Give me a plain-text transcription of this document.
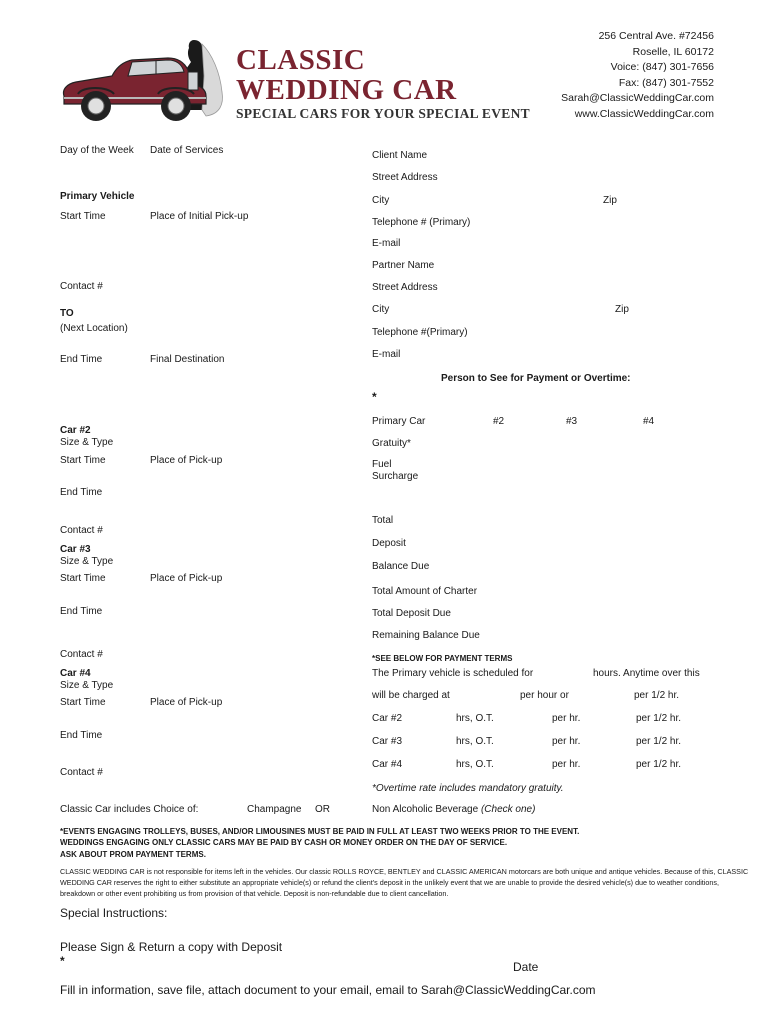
CLASSIC
WEDDING CAR
SPECIAL CARS FOR YOUR SPECIAL EVENT
256 Central Ave. #72456
Roselle, IL 60172
Voice: (847) 301-7656
Fax: (847) 301-7552
Sarah@ClassicWeddingCar.com
www.ClassicWeddingCar.com
Day of the Week Date of Services
Primary Vehicle
Start Time	Place of Initial Pick-up
Contact #
TO
(Next Location)
End Time	Final Destination
Car #2
Size & Type
Start Time	Place of Pick-up
End Time
Contact #
Car #3
Size & Type
Start Time	Place of Pick-up
End Time
Contact #
Car #4
Size & Type
Start Time	Place of Pick-up
End Time
Contact #
Client Name
Street Address
City	Zip
Telephone # (Primary)
E-mail
Partner Name
Street Address
City	Zip
Telephone #(Primary)
E-mail
Person to See for Payment or Overtime:
*
Primary Car	#2	#3	#4
Gratuity*
Fuel
Surcharge
Total
Deposit
Balance Due
Total Amount of Charter
Total Deposit Due
Remaining Balance Due
*SEE BELOW FOR PAYMENT TERMS
The Primary vehicle is scheduled for	hours. Anytime over this
will be charged at	per hour or	per 1/2 hr.
Car #2	hrs, O.T.	per hr.	per 1/2 hr.
Car #3	hrs, O.T.	per hr.	per 1/2 hr.
Car #4	hrs, O.T.	per hr.	per 1/2 hr.
*Overtime rate includes mandatory gratuity.
Classic Car includes Choice of:	Champagne OR	Non Alcoholic Beverage (Check one)
*EVENTS ENGAGING TROLLEYS, BUSES, AND/OR LIMOUSINES MUST BE PAID IN FULL AT LEAST TWO WEEKS PRIOR TO THE EVENT.
WEDDINGS ENGAGING ONLY CLASSIC CARS MAY BE PAID BY CASH OR MONEY ORDER ON THE DAY OF SERVICE.
ASK ABOUT PROM PAYMENT TERMS.
CLASSIC WEDDING CAR is not responsible for items left in the vehicles. Our classic ROLLS ROYCE, BENTLEY and CLASSIC AMERICAN motorcars are both unique and antique vehicles. Because of this, CLASSIC WEDDING CAR reserves the right to either substitute an appropriate vehicle(s) or refund the client's deposit in the unlikely event that we are unable to provide the desired vehicle(s) due to weather conditions, breakdown or other event prohibiting us from provision of that vehicle. Deposit is non-refundable due to client cancellation.
Special Instructions:
Please Sign & Return a copy with Deposit
*	Date
Fill in information, save file, attach document to your email, email to Sarah@ClassicWeddingCar.com
